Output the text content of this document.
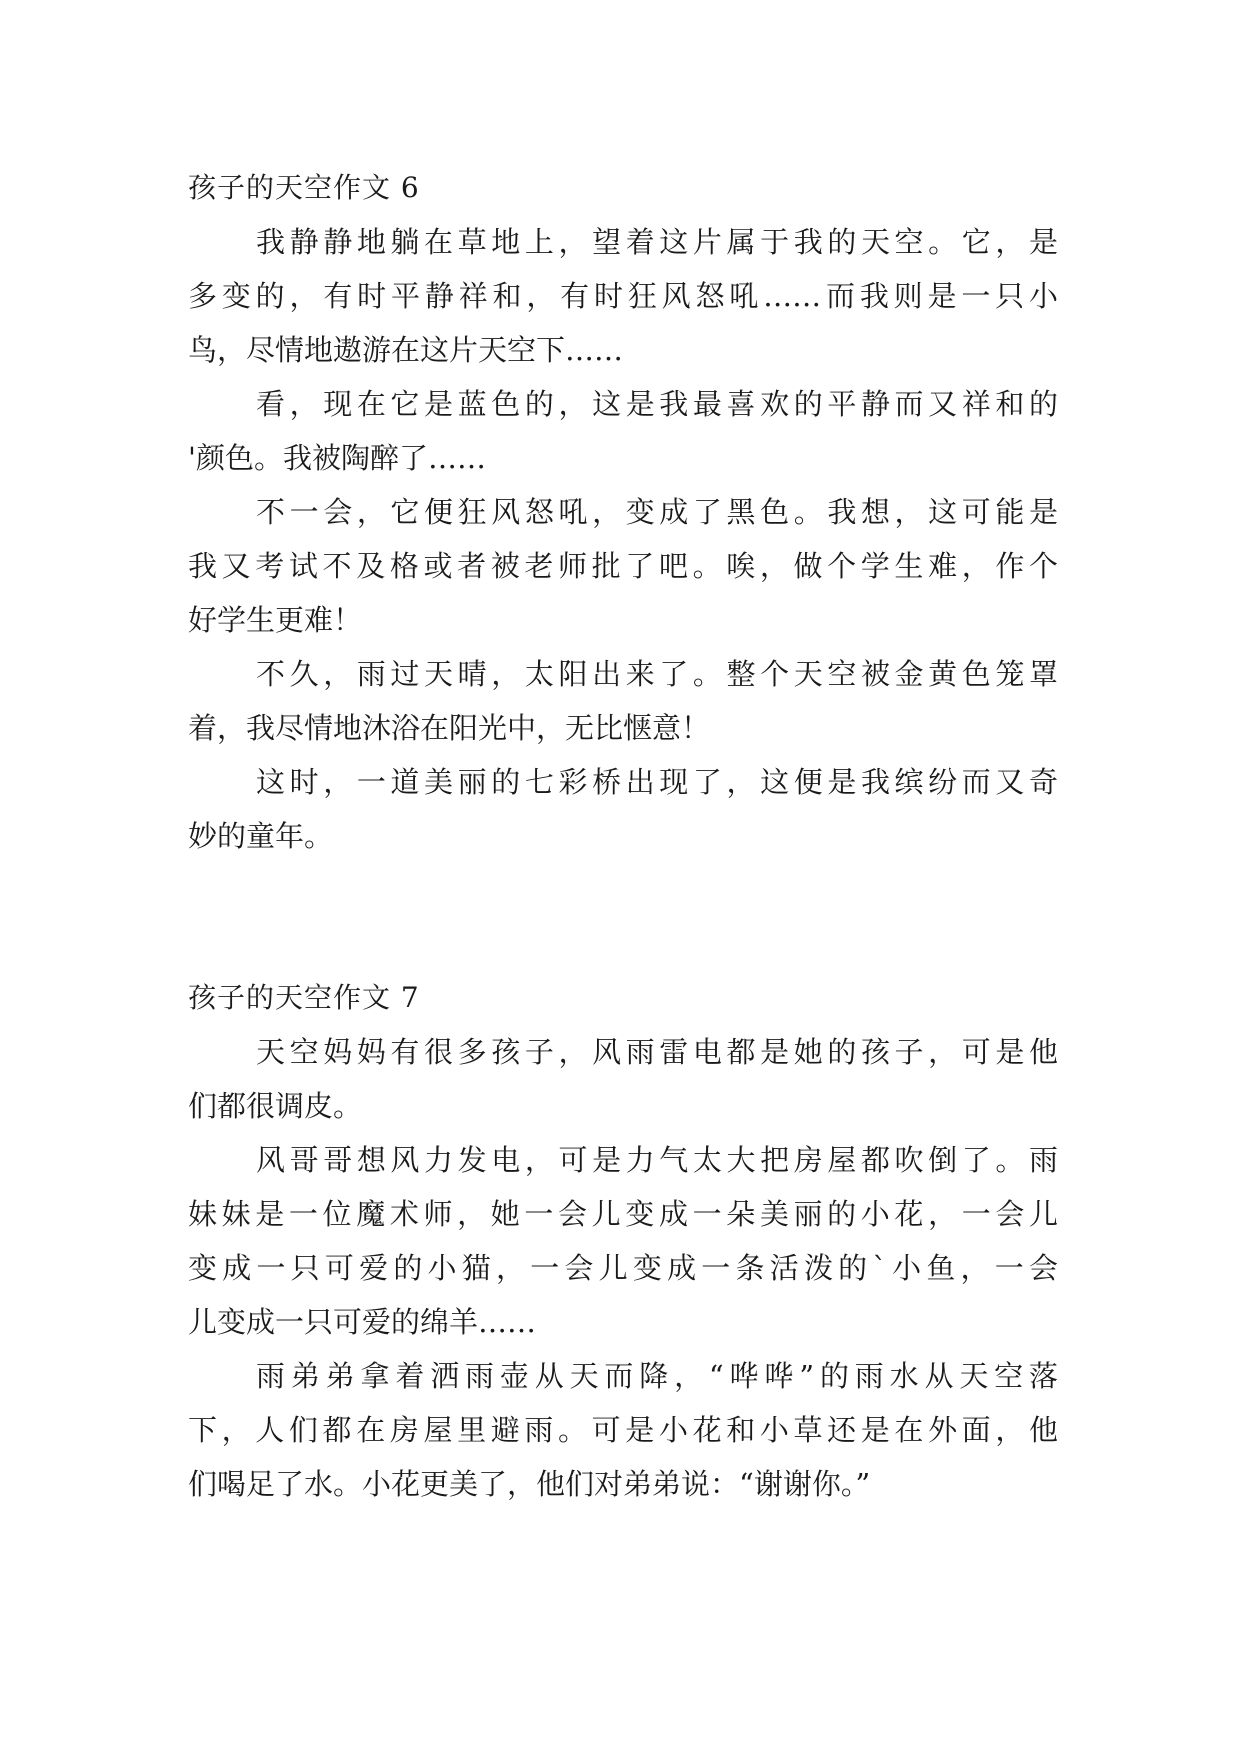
孩子的天空作文 6
我静静地躺在草地上，望着这片属于我的天空。它，是
多变的，有时平静祥和，有时狂风怒吼……而我则是一只小
鸟，尽情地遨游在这片天空下……
看，现在它是蓝色的，这是我最喜欢的平静而又祥和的
'颜色。我被陶醉了……
不一会，它便狂风怒吼，变成了黑色。我想，这可能是
我又考试不及格或者被老师批了吧。唉，做个学生难，作个
好学生更难！
不久，雨过天晴，太阳出来了。整个天空被金黄色笼罩
着，我尽情地沐浴在阳光中，无比惬意！
这时，一道美丽的七彩桥出现了，这便是我缤纷而又奇
妙的童年。
孩子的天空作文 7
天空妈妈有很多孩子，风雨雷电都是她的孩子，可是他
们都很调皮。
风哥哥想风力发电，可是力气太大把房屋都吹倒了。雨
妹妹是一位魔术师，她一会儿变成一朵美丽的小花，一会儿
变成一只可爱的小猫，一会儿变成一条活泼的`小鱼，一会
儿变成一只可爱的绵羊……
雨弟弟拿着洒雨壶从天而降，“哗哗”的雨水从天空落
下，人们都在房屋里避雨。可是小花和小草还是在外面，他
们喝足了水。小花更美了，他们对弟弟说：“谢谢你。”
